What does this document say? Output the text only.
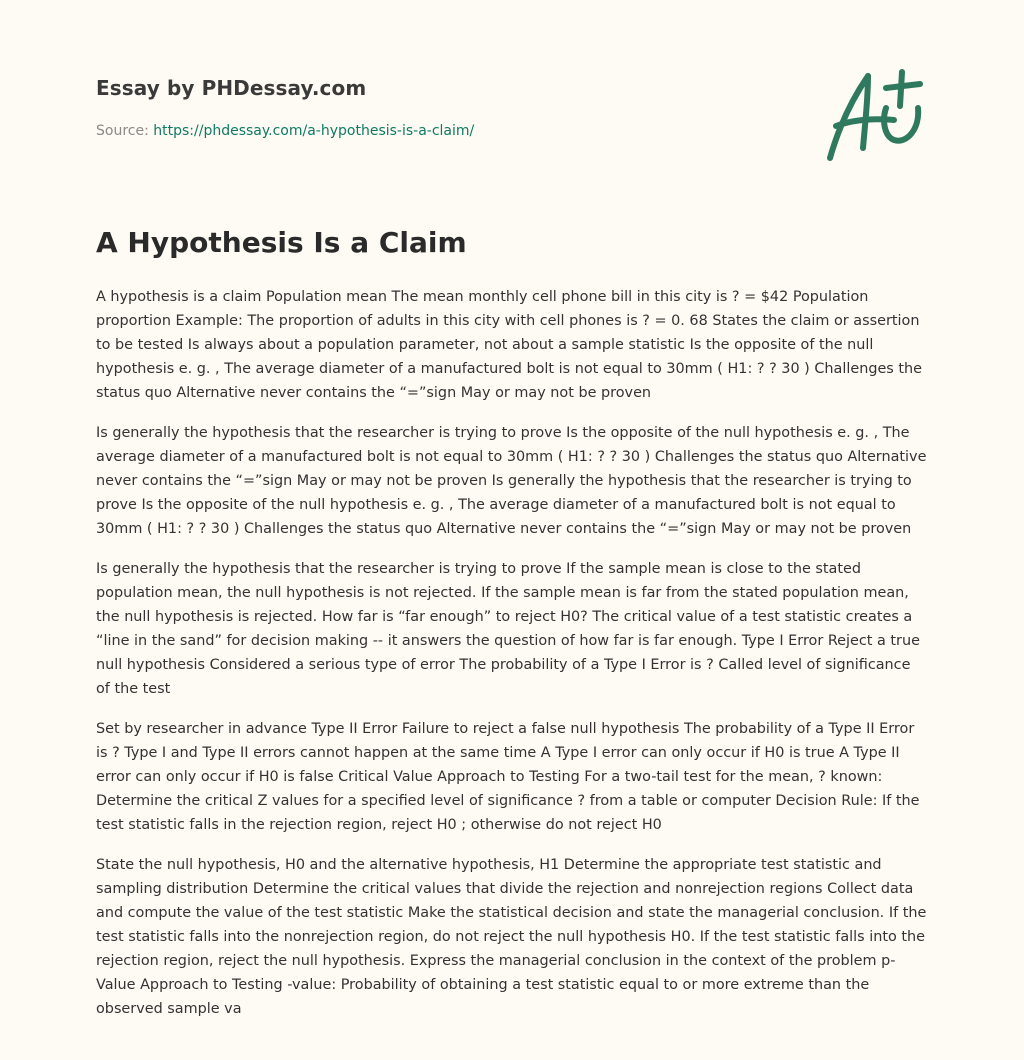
Essay by PHDessay.com
Source: https://phdessay.com/a-hypothesis-is-a-claim/
A Hypothesis Is a Claim

A hypothesis is a claim Population mean The mean monthly cell phone bill in this city is ? = $42 Population proportion Example: The proportion of adults in this city with cell phones is ? = 0. 68 States the claim or assertion to be tested Is always about a population parameter, not about a sample statistic Is the opposite of the null hypothesis e. g. , The average diameter of a manufactured bolt is not equal to 30mm ( H1: ? ? 30 ) Challenges the status quo Alternative never contains the “=”sign May or may not be proven

Is generally the hypothesis that the researcher is trying to prove Is the opposite of the null hypothesis e. g. , The average diameter of a manufactured bolt is not equal to 30mm ( H1: ? ? 30 ) Challenges the status quo Alternative never contains the “=”sign May or may not be proven Is generally the hypothesis that the researcher is trying to prove Is the opposite of the null hypothesis e. g. , The average diameter of a manufactured bolt is not equal to 30mm ( H1: ? ? 30 ) Challenges the status quo Alternative never contains the “=”sign May or may not be proven

Is generally the hypothesis that the researcher is trying to prove If the sample mean is close to the stated population mean, the null hypothesis is not rejected. If the sample mean is far from the stated population mean, the null hypothesis is rejected. How far is “far enough” to reject H0? The critical value of a test statistic creates a “line in the sand” for decision making -- it answers the question of how far is far enough. Type I Error Reject a true null hypothesis Considered a serious type of error The probability of a Type I Error is ? Called level of significance of the test

Set by researcher in advance Type II Error Failure to reject a false null hypothesis The probability of a Type II Error is ? Type I and Type II errors cannot happen at the same time A Type I error can only occur if H0 is true A Type II error can only occur if H0 is false Critical Value Approach to Testing For a two-tail test for the mean, ? known: Determine the critical Z values for a specified level of significance ? from a table or computer Decision Rule: If the test statistic falls in the rejection region, reject H0 ; otherwise do not reject H0

State the null hypothesis, H0 and the alternative hypothesis, H1 Determine the appropriate test statistic and sampling distribution Determine the critical values that divide the rejection and nonrejection regions Collect data and compute the value of the test statistic Make the statistical decision and state the managerial conclusion. If the test statistic falls into the nonrejection region, do not reject the null hypothesis H0. If the test statistic falls into the rejection region, reject the null hypothesis. Express the managerial conclusion in the context of the problem p-Value Approach to Testing -value: Probability of obtaining a test statistic equal to or more extreme than the observed sample va
